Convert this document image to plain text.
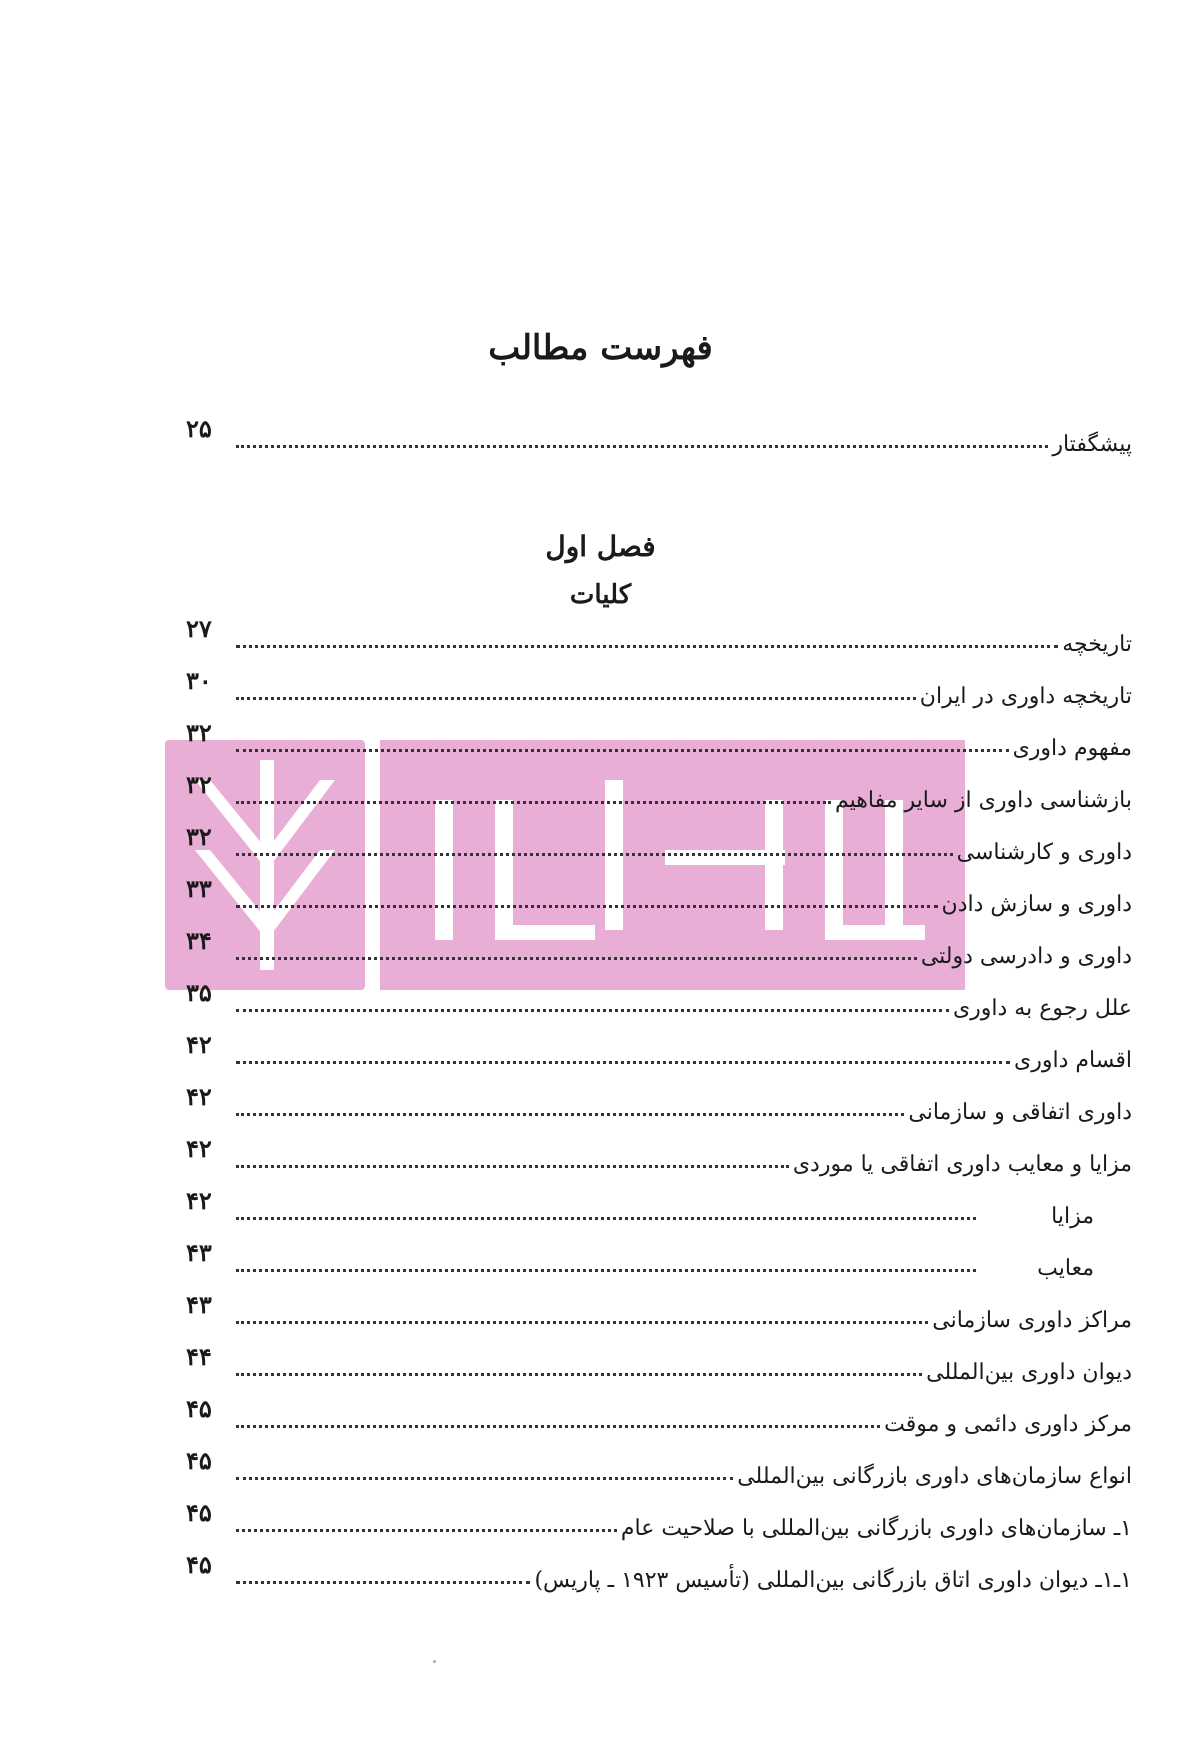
فهرست مطالب
۲۵
پیشگفتار
فصل اول
کلیات
۲۷
تاریخچه
۳۰
تاریخچه داوری در ایران
۳۲
مفهوم داوری
۳۲
بازشناسی داوری از سایر مفاهیم
۳۲
داوری و کارشناسی
۳۳
داوری و سازش دادن
۳۴
داوری و دادرسی دولتی
۳۵
علل رجوع به داوری
۴۲
اقسام داوری
۴۲
داوری اتفاقی و سازمانی
۴۲
مزایا و معایب داوری اتفاقی یا موردی
۴۲
مزایا
۴۳
معایب
۴۳
مراکز داوری سازمانی
۴۴
دیوان داوری بین‌المللی
۴۵
مرکز داوری دائمی و موقت
۴۵
انواع سازمان‌های داوری بازرگانی بین‌المللی
۴۵
۱ـ سازمان‌های داوری بازرگانی بین‌المللی با صلاحیت عام
۴۵
۱ـ۱ـ دیوان داوری اتاق بازرگانی بین‌المللی (تأسیس ۱۹۲۳ ـ پاریس)
